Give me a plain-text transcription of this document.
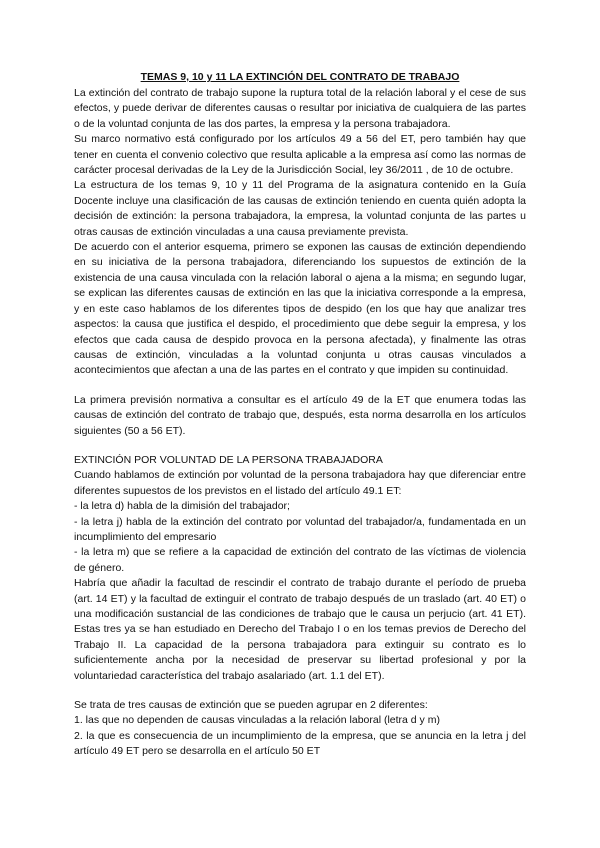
TEMAS 9, 10 y 11 LA EXTINCIÓN DEL CONTRATO DE TRABAJO

La extinción del contrato de trabajo supone la ruptura total de la relación laboral y el cese de sus efectos, y puede derivar de diferentes causas o resultar por iniciativa de cualquiera de las partes o de la voluntad conjunta de las dos partes, la empresa y la persona trabajadora.

Su marco normativo está configurado por los artículos 49 a 56 del ET, pero también hay que tener en cuenta el convenio colectivo que resulta aplicable a la empresa así como las normas de carácter procesal derivadas de la Ley de la Jurisdicción Social, ley 36/2011 , de 10 de octubre.

La estructura de los temas 9, 10 y 11 del Programa de la asignatura contenido en la Guía Docente incluye una clasificación de las causas de extinción teniendo en cuenta quién adopta la decisión de extinción: la persona trabajadora, la empresa, la voluntad conjunta de las partes u otras causas de extinción vinculadas a una causa previamente prevista.

De acuerdo con el anterior esquema, primero se exponen las causas de extinción dependiendo en su iniciativa de la persona trabajadora, diferenciando los supuestos de extinción de la existencia de una causa vinculada con la relación laboral o ajena a la misma; en segundo lugar, se explican las diferentes causas de extinción en las que la iniciativa corresponde a la empresa, y en este caso hablamos de los diferentes tipos de despido (en los que hay que analizar tres aspectos: la causa que justifica el despido, el procedimiento que debe seguir la empresa, y los efectos que cada causa de despido provoca en la persona afectada), y finalmente las otras causas de extinción, vinculadas a la voluntad conjunta u otras causas vinculados a acontecimientos que afectan a una de las partes en el contrato y que impiden su continuidad.

La primera previsión normativa a consultar es el artículo 49 de la ET que enumera todas las causas de extinción del contrato de trabajo que, después, esta norma desarrolla en los artículos siguientes (50 a 56 ET).

EXTINCIÓN POR VOLUNTAD DE LA PERSONA TRABAJADORA

Cuando hablamos de extinción por voluntad de la persona trabajadora hay que diferenciar entre diferentes supuestos de los previstos en el listado del artículo 49.1 ET:

- la letra d) habla de la dimisión del trabajador;

- la letra j) habla de la extinción del contrato por voluntad del trabajador/a, fundamentada en un incumplimiento del empresario

- la letra m) que se refiere a la capacidad de extinción del contrato de las víctimas de violencia de género.

Habría que añadir la facultad de rescindir el contrato de trabajo durante el período de prueba (art. 14 ET) y la facultad de extinguir el contrato de trabajo después de un traslado (art. 40 ET) o una modificación sustancial de las condiciones de trabajo que le causa un perjucio (art. 41 ET). Estas tres ya se han estudiado en Derecho del Trabajo I o en los temas previos de Derecho del Trabajo II. La capacidad de la persona trabajadora para extinguir su contrato es lo suficientemente ancha por la necesidad de preservar su libertad profesional y por la voluntariedad característica del trabajo asalariado (art. 1.1 del ET).

Se trata de tres causas de extinción que se pueden agrupar en 2 diferentes:

1. las que no dependen de causas vinculadas a la relación laboral (letra d y m)

2. la que es consecuencia de un incumplimiento de la empresa, que se anuncia en la letra j del artículo 49 ET pero se desarrolla en el artículo 50 ET
